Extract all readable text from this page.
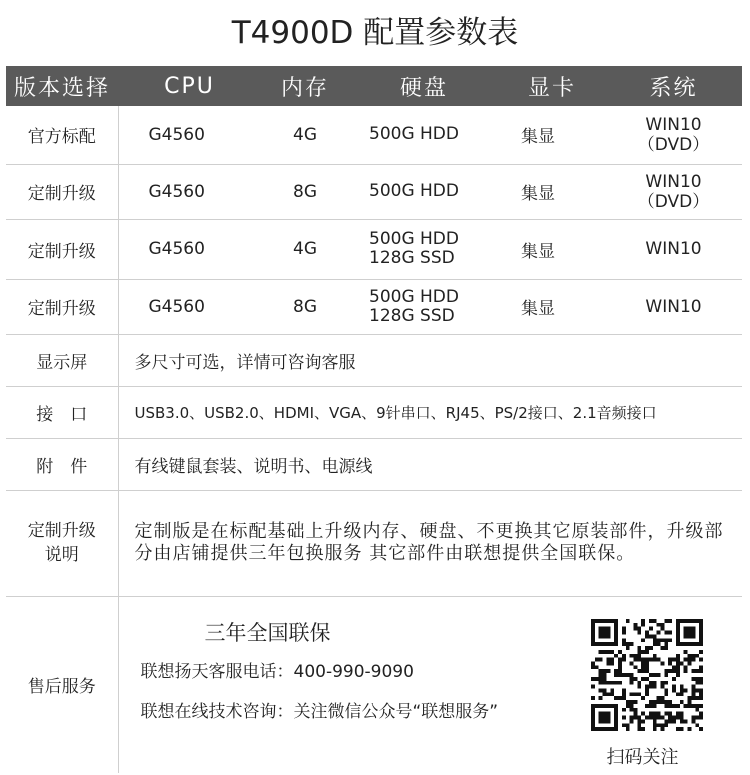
T4900D 配置参数表
版本选择	CPU	内存	硬盘	显卡	系统
官方标配	G4560	4G	500G HDD	集显	WIN10
（DVD）

定制升级	G4560	8G	500G HDD	集显	WIN10
（DVD）

定制升级	G4560	4G	500G HDD
128G SSD	集显	WIN10

定制升级	G4560	8G	500G HDD
128G SSD	集显	WIN10

显示屏	多尺寸可选，详情可咨询客服				
接　口	USB3.0、USB2.0、HDMI、VGA、9针串口、RJ45、PS/2接口、2.1音频接口				
附　件	有线键鼠套装、说明书、电源线				

定制升级
说明	定制版是在标配基础上升级内存、硬盘、不更换其它原装部件，升级部分由店铺提供三年包换服务 其它部件由联想提供全国联保。				
售后服务	三年全国联保
联想扬天客服电话：400-990-9090
联想在线技术咨询：关注微信公众号“联想服务”
扫码关注				
